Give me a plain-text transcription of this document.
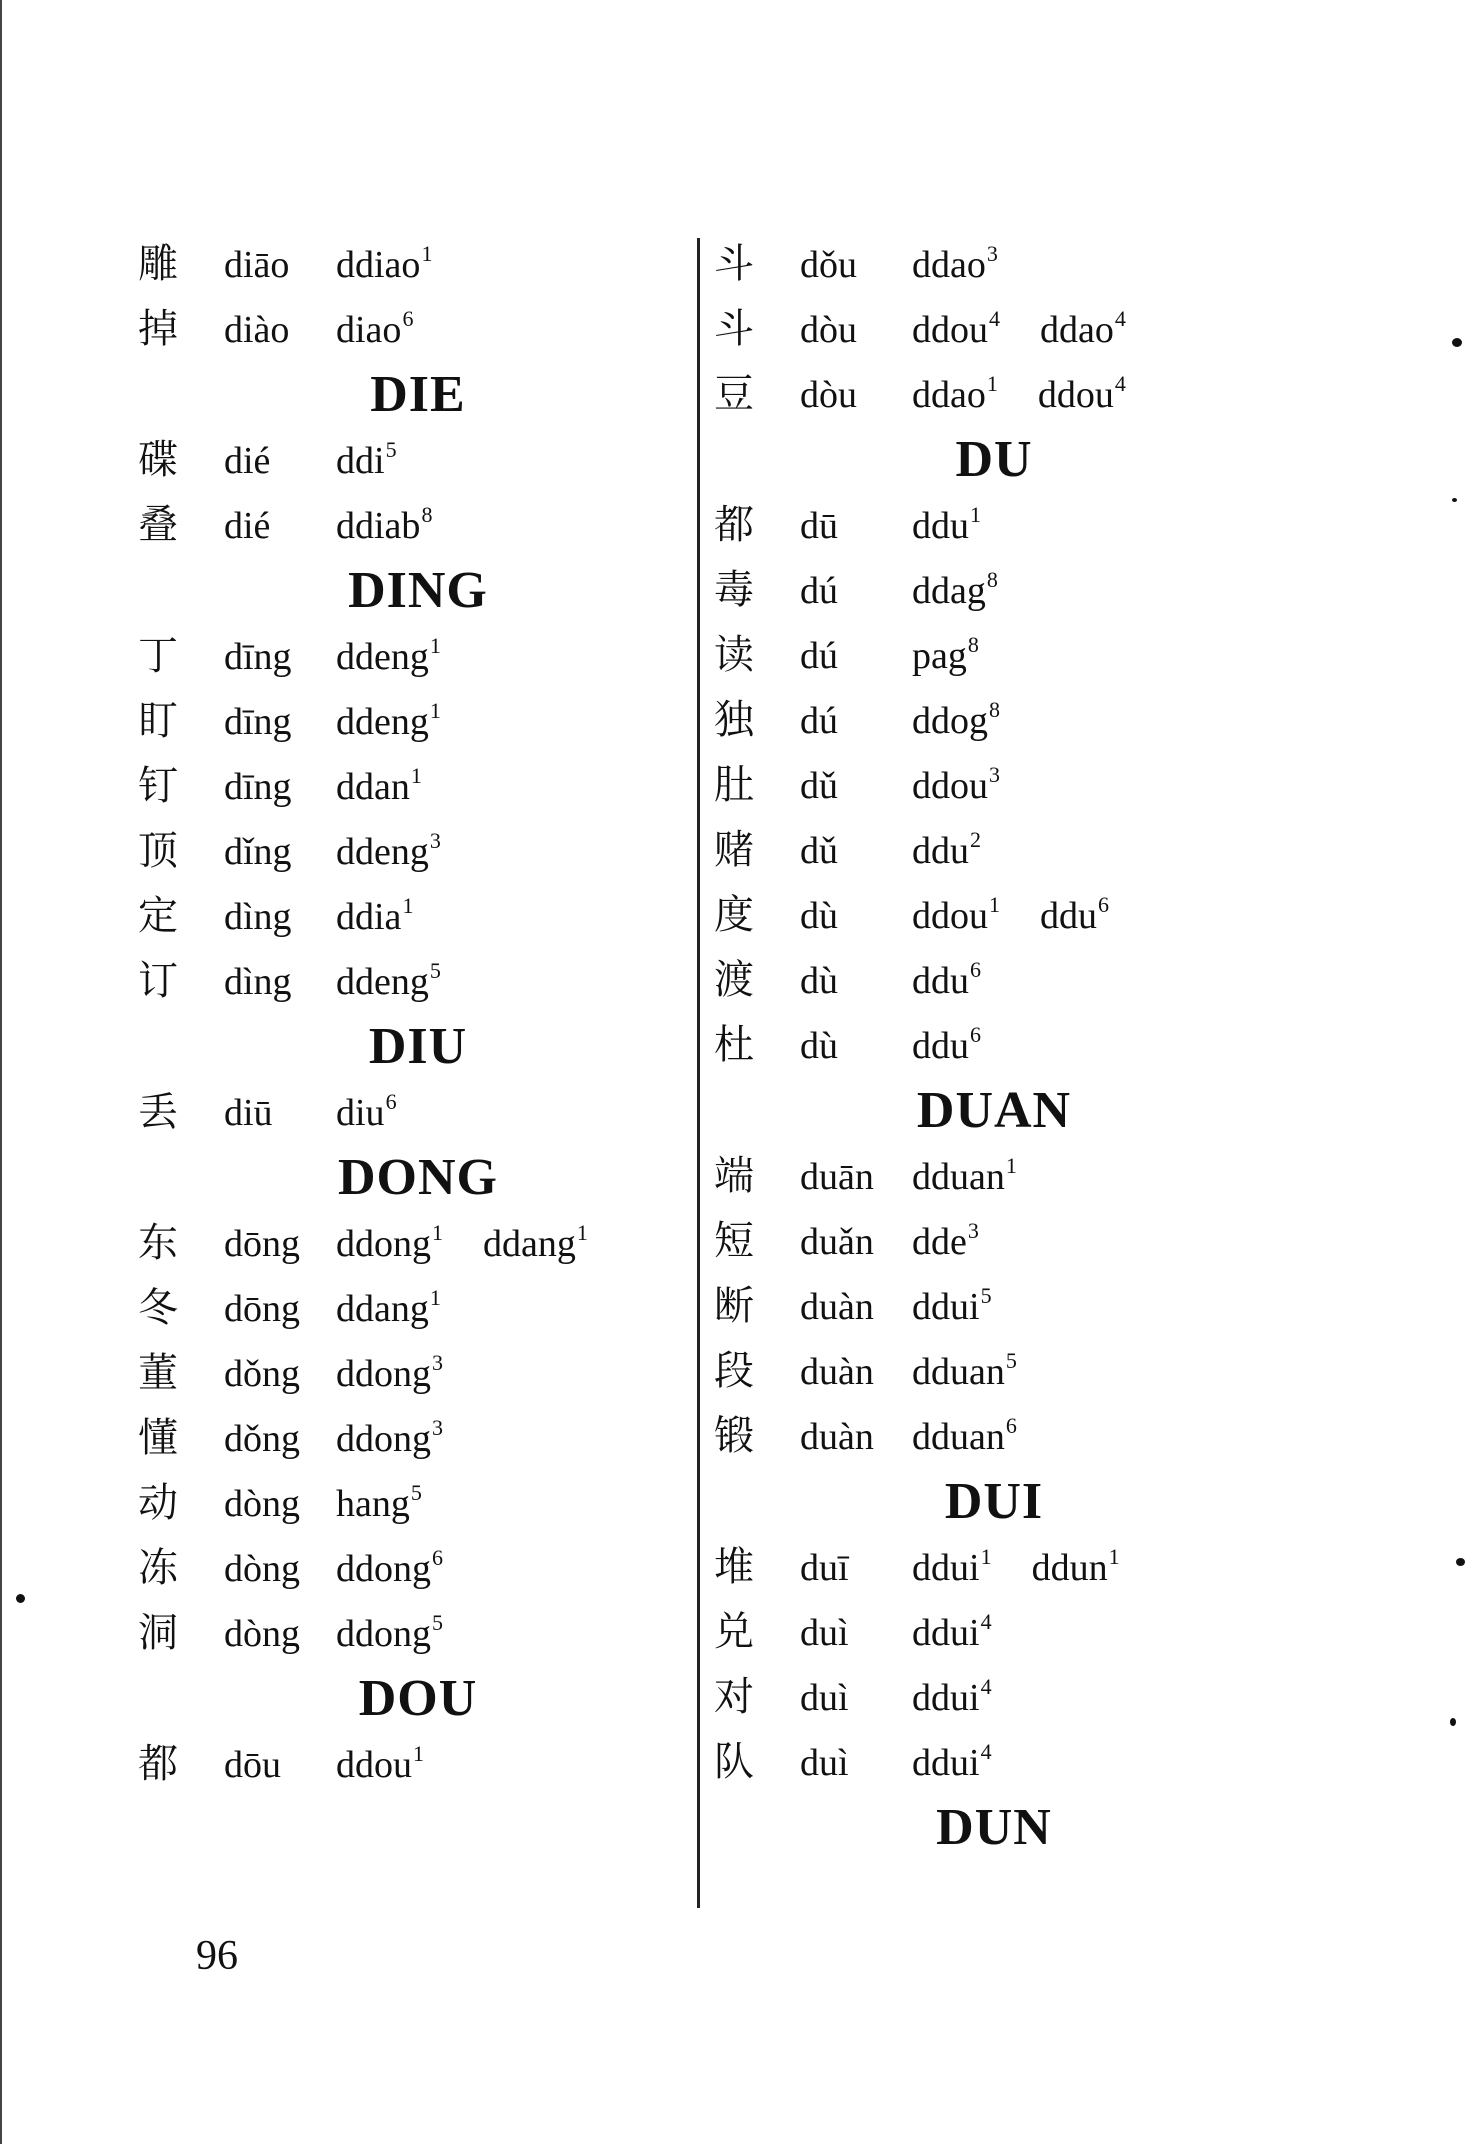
雕 diāo ddiao$^1$
掉 diào diao$^6$
DIE
碟 dié ddi$^5$
叠 dié ddiab$^8$
DING
丁 dīng ddeng$^1$
盯 dīng ddeng$^1$
钉 dīng ddan$^1$
顶 dǐng ddeng$^3$
定 dìng ddia$^1$
订 dìng ddeng$^5$
DIU
丢 diū diu$^6$
DONG
东 dōng ddong$^1$ ddang$^1$
冬 dōng ddang$^1$
董 dǒng ddong$^3$
懂 dǒng ddong$^3$
动 dòng hang$^5$
冻 dòng ddong$^6$
洞 dòng ddong$^5$
DOU
都 dōu ddou$^1$
斗 dǒu ddao$^3$
斗 dòu ddou$^4$ ddao$^4$
豆 dòu ddao$^1$ ddou$^4$
DU
都 dū ddu$^1$
毒 dú ddag$^8$
读 dú pag$^8$
独 dú ddog$^8$
肚 dǔ ddou$^3$
赌 dǔ ddu$^2$
度 dù ddou$^1$ ddu$^6$
渡 dù ddu$^6$
杜 dù ddu$^6$
DUAN
端 duān dduan$^1$
短 duǎn dde$^3$
断 duàn ddui$^5$
段 duàn dduan$^5$
锻 duàn dduan$^6$
DUI
堆 duī ddui$^1$ ddun$^1$
兑 duì ddui$^4$
对 duì ddui$^4$
队 duì ddui$^4$
DUN
96
